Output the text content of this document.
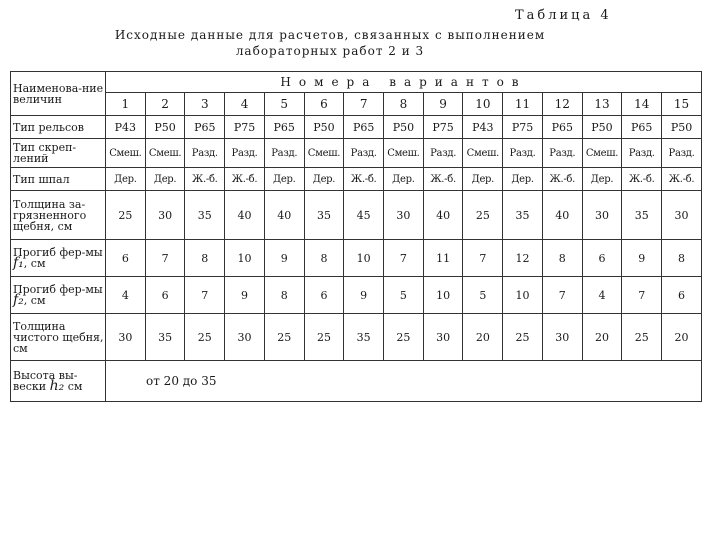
Таблица 4
Исходные данные для расчетов, связанных с выполнением
лабораторных работ 2 и 3
Наименова-ние величин	Номера вариантов														
	1	2	3	4	5	6	7	8	9	10	11	12	13	14	15
Тип рельсов	Р43	Р50	Р65	Р75	Р65	Р50	Р65	Р50	Р75	Р43	Р75	Р65	Р50	Р65	Р50
Тип скреп-лений	Смеш.	Смеш.	Разд.	Разд.	Разд.	Смеш.	Разд.	Смеш.	Разд.	Смеш.	Разд.	Разд.	Смеш.	Разд.	Разд.
Тип шпал	Дер.	Дер.	Ж.-б.	Ж.-б.	Дер.	Дер.	Ж.-б.	Дер.	Ж.-б.	Дер.	Дер.	Ж.-б.	Дер.	Ж.-б.	Ж.-б.
Толщина за-грязненного щебня, см	25	30	35	40	40	35	45	30	40	25	35	40	30	35	30
Прогиб фер-мы f₁, см	6	7	8	10	9	8	10	7	11	7	12	8	6	9	8
Прогиб фер-мы f₂, см	4	6	7	9	8	6	9	5	10	5	10	7	4	7	6
Толщина чистого щебня, см	30	35	25	30	25	25	35	25	30	20	25	30	20	25	20
Высота вы-вески h₂ см	от 20 до 35														
